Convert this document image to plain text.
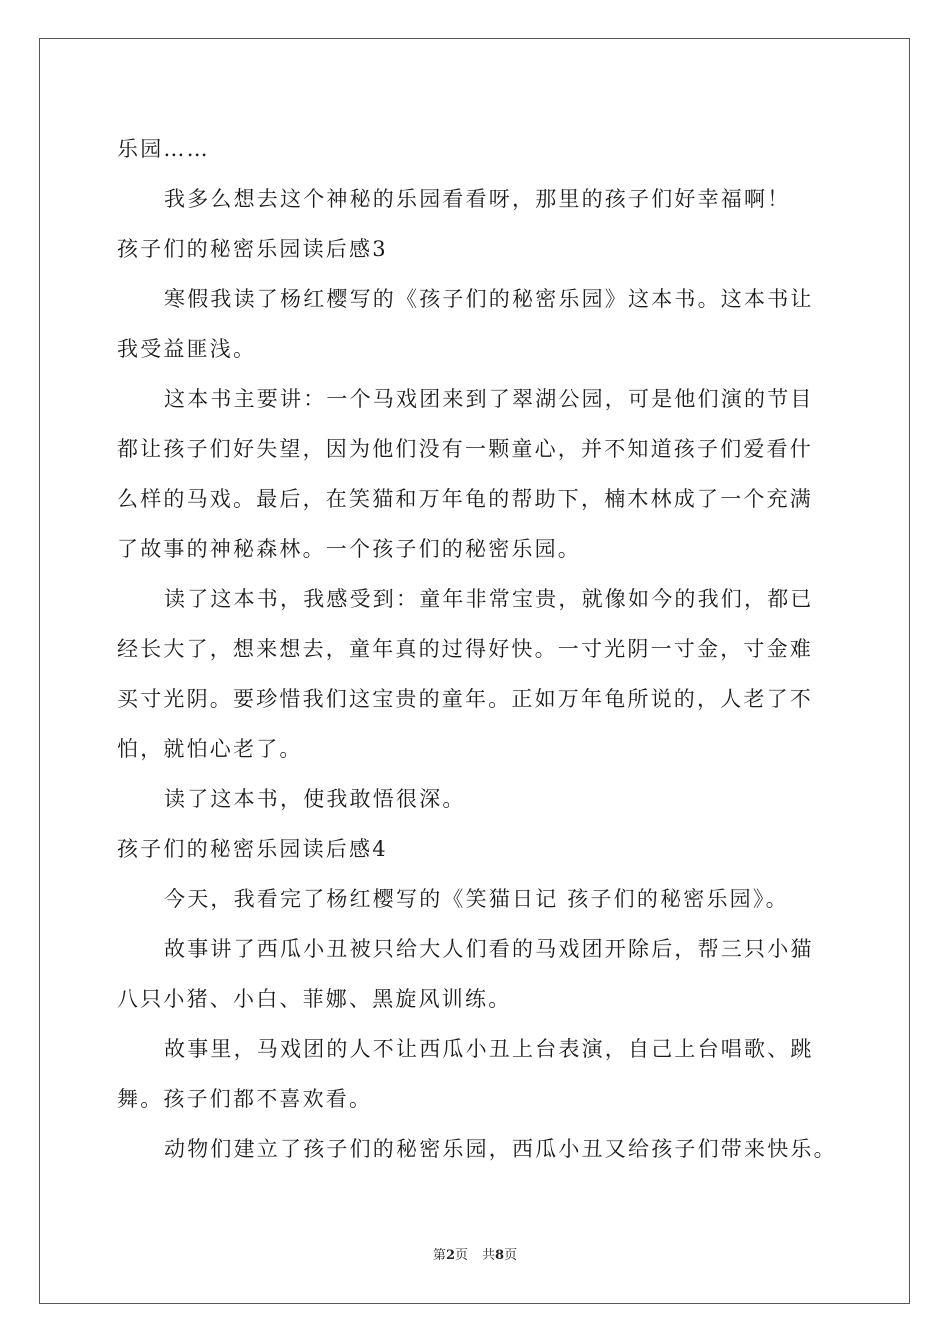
乐园……
我多么想去这个神秘的乐园看看呀，那里的孩子们好幸福啊！
孩子们的秘密乐园读后感3
寒假我读了杨红樱写的《孩子们的秘密乐园》这本书。这本书让
我受益匪浅。
这本书主要讲：一个马戏团来到了翠湖公园，可是他们演的节目
都让孩子们好失望，因为他们没有一颗童心，并不知道孩子们爱看什
么样的马戏。最后，在笑猫和万年龟的帮助下，楠木林成了一个充满
了故事的神秘森林。一个孩子们的秘密乐园。
读了这本书，我感受到：童年非常宝贵，就像如今的我们，都已
经长大了，想来想去，童年真的过得好快。一寸光阴一寸金，寸金难
买寸光阴。要珍惜我们这宝贵的童年。正如万年龟所说的，人老了不
怕，就怕心老了。
读了这本书，使我敢悟很深。
孩子们的秘密乐园读后感4
今天，我看完了杨红樱写的《笑猫日记 孩子们的秘密乐园》。
故事讲了西瓜小丑被只给大人们看的马戏团开除后，帮三只小猫
八只小猪、小白、菲娜、黑旋风训练。
故事里，马戏团的人不让西瓜小丑上台表演，自己上台唱歌、跳
舞。孩子们都不喜欢看。
动物们建立了孩子们的秘密乐园，西瓜小丑又给孩子们带来快乐。
第2页 共8页
